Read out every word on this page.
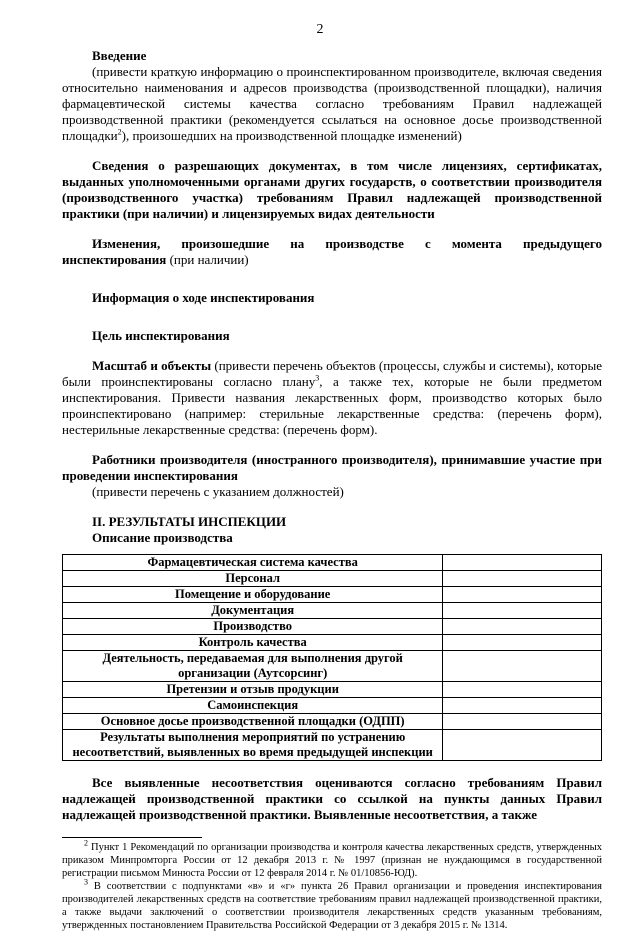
2

Введение

(привести краткую информацию о проинспектированном производителе, включая сведения относительно наименования и адресов производства (производственной площадки), наличия фармацевтической системы качества согласно требованиям Правил надлежащей производственной практики (рекомендуется ссылаться на основное досье производственной площадки$^2$), произошедших на производственной площадке изменений)

Сведения о разрешающих документах, в том числе лицензиях, сертификатах, выданных уполномоченными органами других государств, о соответствии производителя (производственного участка) требованиям Правил надлежащей производственной практики (при наличии) и лицензируемых видах деятельности

Изменения, произошедшие на производстве с момента предыдущего инспектирования (при наличии)

Информация о ходе инспектирования

Цель инспектирования

Масштаб и объекты (привести перечень объектов (процессы, службы и системы), которые были проинспектированы согласно плану$^3$, а также тех, которые не были предметом инспектирования. Привести названия лекарственных форм, производство которых было проинспектировано (например: стерильные лекарственные средства: (перечень форм), нестерильные лекарственные средства: (перечень форм).

Работники производителя (иностранного производителя), принимавшие участие при проведении инспектирования

(привести перечень с указанием должностей)

II. РЕЗУЛЬТАТЫ ИНСПЕКЦИИ

Описание производства

Фармацевтическая система качества	
Персонал	
Помещение и оборудование	
Документация	
Производство	
Контроль качества	
Деятельность, передаваемая для выполнения другой организации (Аутсорсинг)	
Претензии и отзыв продукции	
Самоинспекция	
Основное досье производственной площадки (ОДПП)	
Результаты выполнения мероприятий по устранению несоответствий, выявленных во время предыдущей инспекции	

Все выявленные несоответствия оцениваются согласно требованиям Правил надлежащей производственной практики со ссылкой на пункты данных Правил надлежащей производственной практики. Выявленные несоответствия, а также

$^2$ Пункт 1 Рекомендаций по организации производства и контроля качества лекарственных средств, утвержденных приказом Минпромторга России от 12 декабря 2013 г. № 1997 (признан не нуждающимся в государственной регистрации письмом Минюста России от 12 февраля 2014 г. № 01/10856-ЮД).

$^3$ В соответствии с подпунктами «в» и «г» пункта 26 Правил организации и проведения инспектирования производителей лекарственных средств на соответствие требованиям правил надлежащей производственной практики, а также выдачи заключений о соответствии производителя лекарственных средств указанным требованиям, утвержденных постановлением Правительства Российской Федерации от 3 декабря 2015 г. № 1314.
